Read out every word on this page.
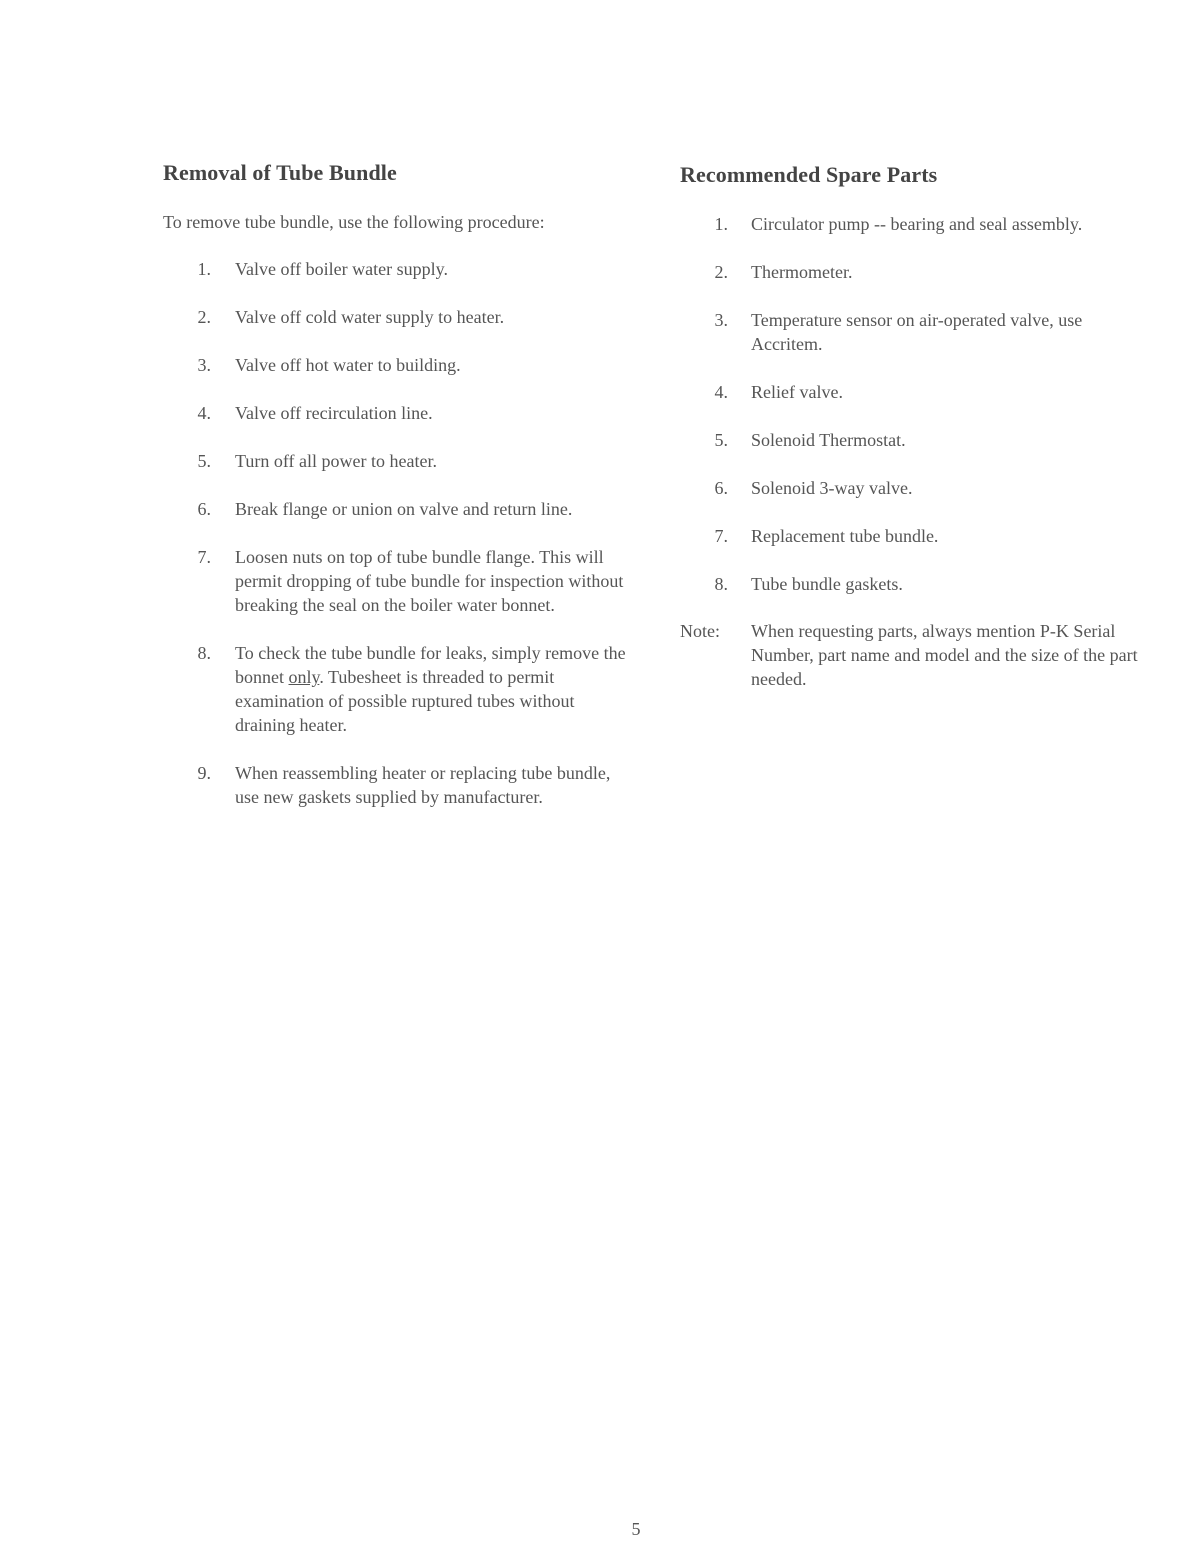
Removal of Tube Bundle

To remove tube bundle, use the following procedure:

1. Valve off boiler water supply.
2. Valve off cold water supply to heater.
3. Valve off hot water to building.
4. Valve off recirculation line.
5. Turn off all power to heater.
6. Break flange or union on valve and return line.
7. Loosen nuts on top of tube bundle flange. This will permit dropping of tube bundle for inspection without breaking the seal on the boiler water bonnet.
8. To check the tube bundle for leaks, simply remove the bonnet only. Tubesheet is threaded to permit examination of possible ruptured tubes without draining heater.
9. When reassembling heater or replacing tube bundle, use new gaskets supplied by manufacturer.
Recommended Spare Parts
1. Circulator pump -- bearing and seal assembly.
2. Thermometer.
3. Temperature sensor on air-operated valve, use Accritem.
4. Relief valve.
5. Solenoid Thermostat.
6. Solenoid 3-way valve.
7. Replacement tube bundle.
8. Tube bundle gaskets.
Note: When requesting parts, always mention P-K Serial Number, part name and model and the size of the part needed.
5
